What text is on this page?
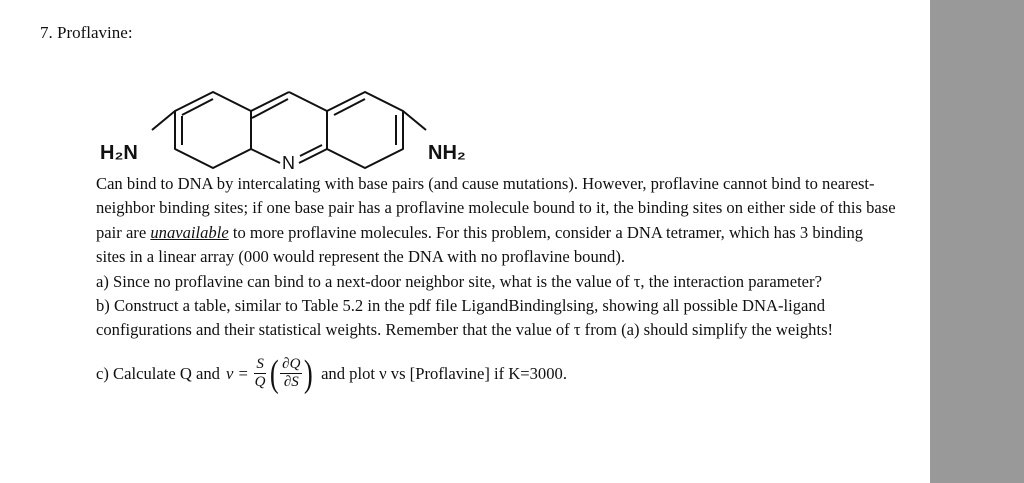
7. Proflavine:
H₂N	N	NH₂

Can bind to DNA by intercalating with base pairs (and cause mutations). However, proflavine cannot bind to nearest-neighbor binding sites; if one base pair has a proflavine molecule bound to it, the binding sites on either side of this base pair are unavailable to more proflavine molecules. For this problem, consider a DNA tetramer, which has 3 binding sites in a linear array (000 would represent the DNA with no proflavine bound).

a) Since no proflavine can bind to a next-door neighbor site, what is the value of τ, the interaction parameter?

b) Construct a table, similar to Table 5.2 in the pdf file LigandBindinglsing, showing all possible DNA-ligand configurations and their statistical weights. Remember that the value of τ from (a) should simplify the weights!

c) Calculate Q and $\nu = \frac{S}{Q}$ ( $\frac{\partial Q}{\partial S}$ ) and plot ν vs [Proflavine] if K=3000.
